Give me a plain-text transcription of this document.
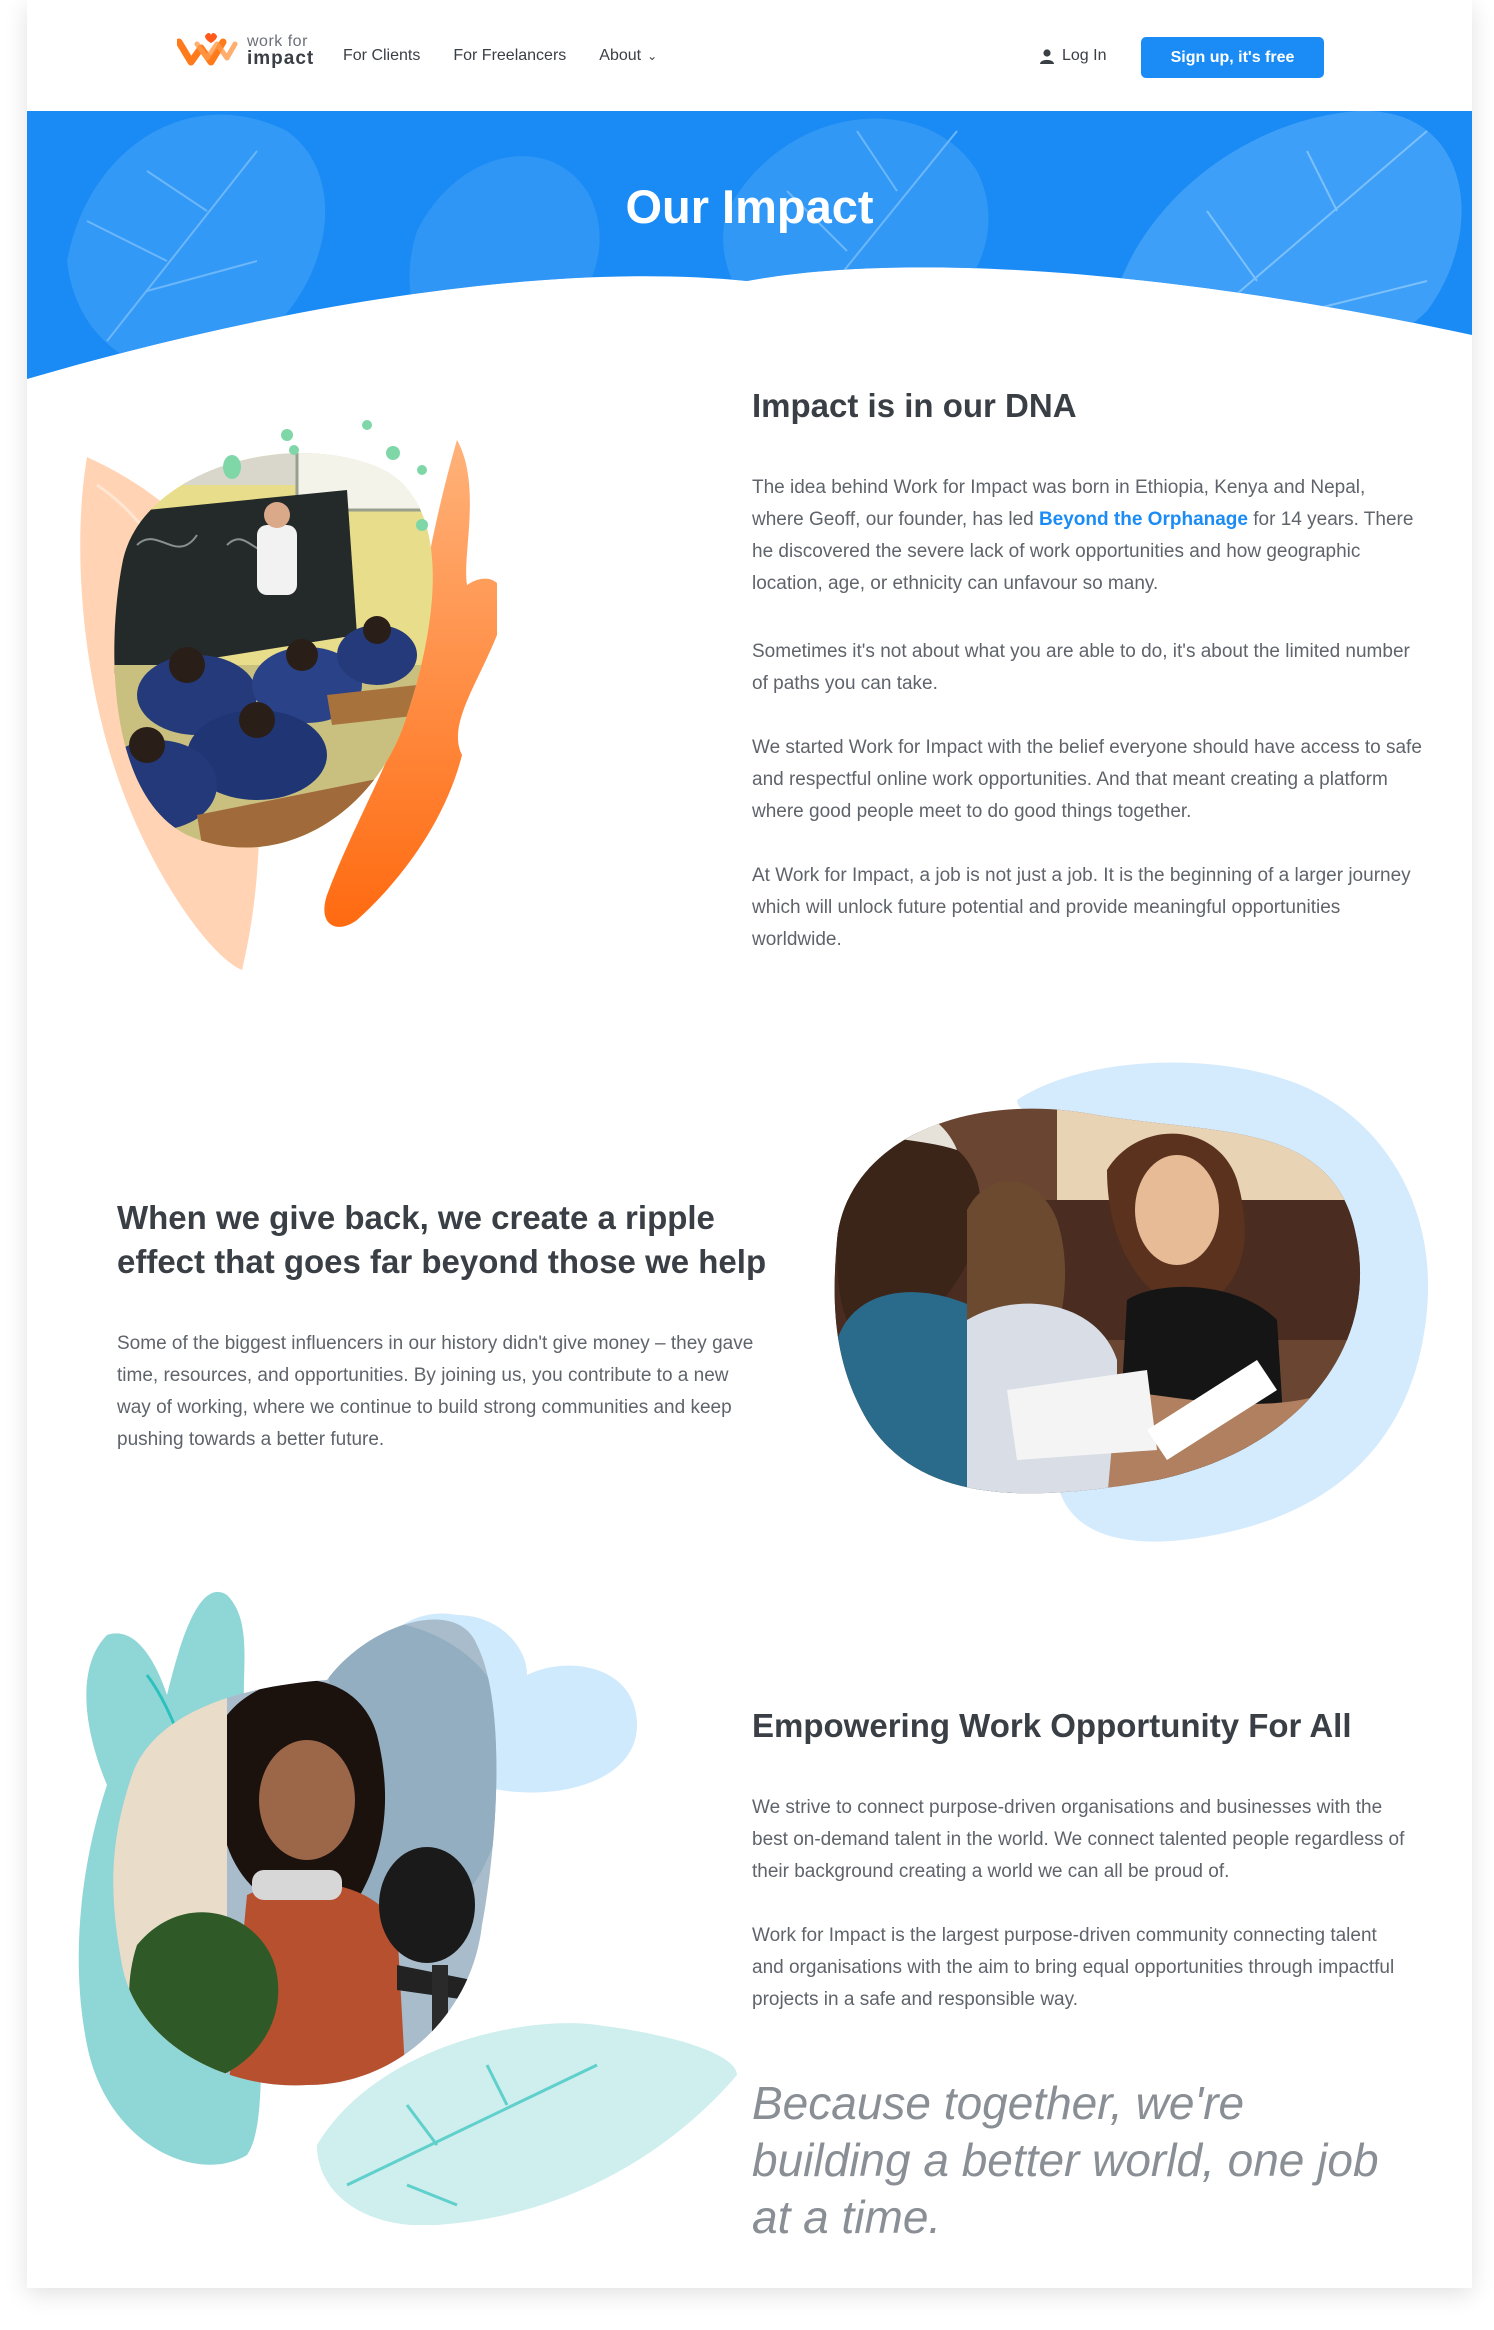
work for
impact For Clients For Freelancers About ⌄	Log In	Sign up, it's free
Our Impact
Impact is in our DNA

The idea behind Work for Impact was born in Ethiopia, Kenya and Nepal, where Geoff, our founder, has led Beyond the Orphanage for 14 years. There he discovered the severe lack of work opportunities and how geographic location, age, or ethnicity can unfavour so many.

Sometimes it's not about what you are able to do, it's about the limited number of paths you can take.

We started Work for Impact with the belief everyone should have access to safe and respectful online work opportunities. And that meant creating a platform where good people meet to do good things together.

At Work for Impact, a job is not just a job. It is the beginning of a larger journey which will unlock future potential and provide meaningful opportunities worldwide.

When we give back, we create a ripple effect that goes far beyond those we help

Some of the biggest influencers in our history didn't give money – they gave time, resources, and opportunities. By joining us, you contribute to a new way of working, where we continue to build strong communities and keep pushing towards a better future.

Empowering Work Opportunity For All

We strive to connect purpose-driven organisations and businesses with the best on-demand talent in the world. We connect talented people regardless of their background creating a world we can all be proud of.

Work for Impact is the largest purpose-driven community connecting talent and organisations with the aim to bring equal opportunities through impactful projects in a safe and responsible way.

Because together, we're building a better world, one job at a time.
